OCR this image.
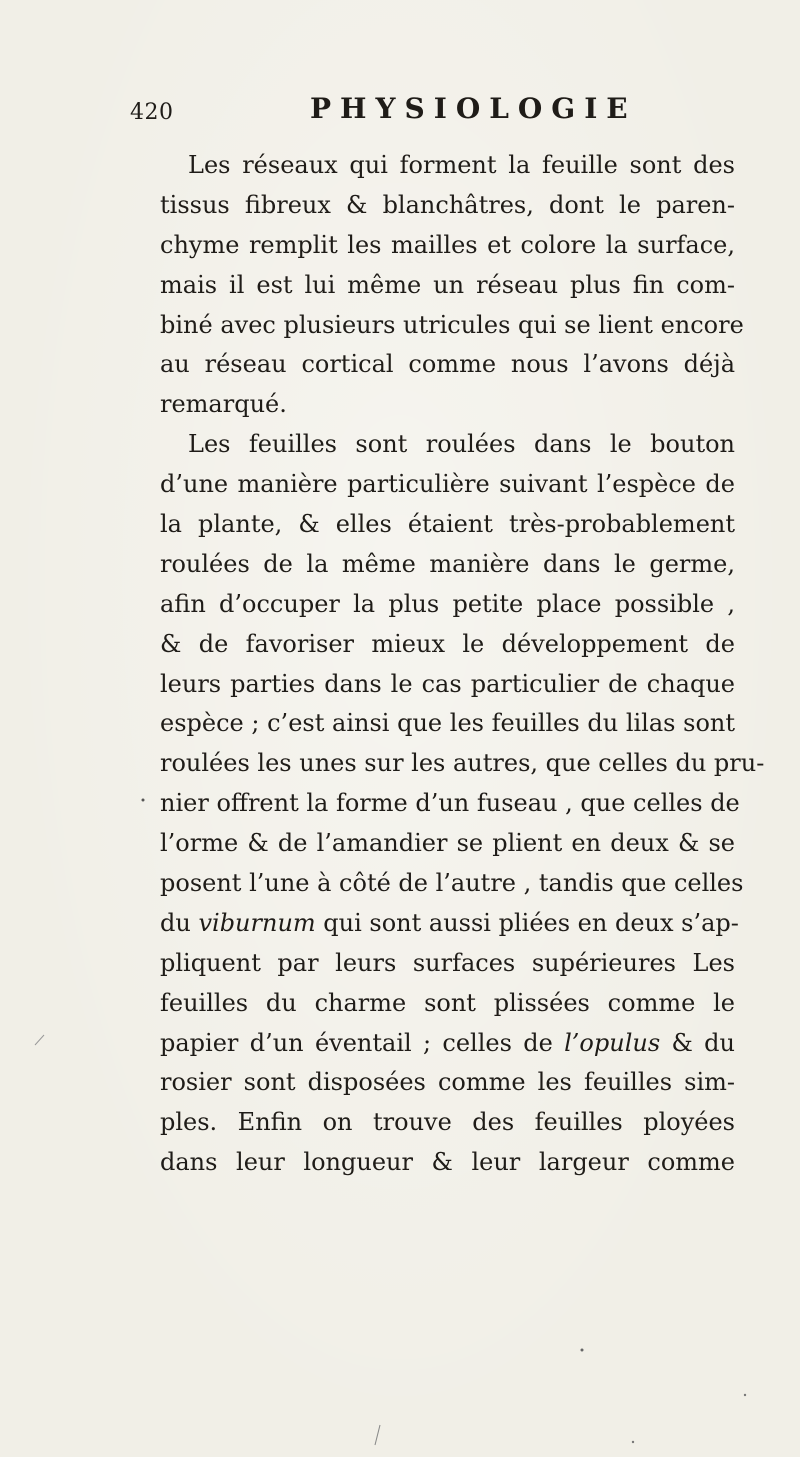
420	PHYSIOLOGIE
Les réseaux qui forment la feuille sont des
tissus fibreux & blanchâtres, dont le paren-
chyme remplit les mailles et colore la surface,
mais il est lui même un réseau plus fin com-
biné avec plusieurs utricules qui se lient encore
au réseau cortical comme nous l’avons déjà
remarqué.
Les feuilles sont roulées dans le bouton
d’une manière particulière suivant l’espèce de
la plante, & elles étaient très-probablement
roulées de la même manière dans le germe,
afin d’occuper la plus petite place possible ,
& de favoriser mieux le développement de
leurs parties dans le cas particulier de chaque
espèce ; c’est ainsi que les feuilles du lilas sont
roulées les unes sur les autres, que celles du pru-
nier offrent la forme d’un fuseau , que celles de
l’orme & de l’amandier se plient en deux & se
posent l’une à côté de l’autre , tandis que celles
du viburnum qui sont aussi pliées en deux s’ap-
pliquent par leurs surfaces supérieures Les
feuilles du charme sont plissées comme le
papier d’un éventail ; celles de l’opulus & du
rosier sont disposées comme les feuilles sim-
ples. Enfin on trouve des feuilles ployées
dans leur longueur & leur largeur comme
